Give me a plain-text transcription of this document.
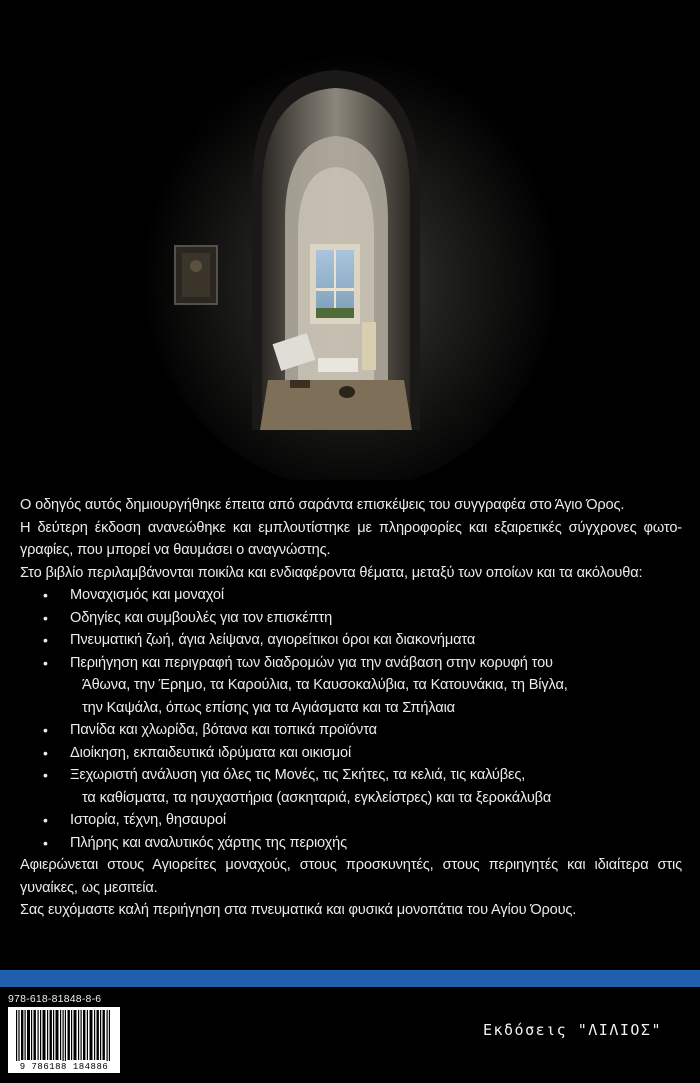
Ο οδηγός αυτός δημιουργήθηκε έπειτα από σαράντα επισκέψεις του συγγραφέα στο Άγιο Όρος.

Η δεύτερη έκδοση ανανεώθηκε και εμπλουτίστηκε με πληροφορίες και εξαιρετικές σύγχρονες φωτο-γραφίες, που μπορεί να θαυμάσει ο αναγνώστης.

Στο βιβλίο περιλαμβάνονται ποικίλα και ενδιαφέροντα θέματα, μεταξύ των οποίων και τα ακόλουθα:

• Μοναχισμός και μοναχοί
• Οδηγίες και συμβουλές για τον επισκέπτη
• Πνευματική ζωή, άγια λείψανα, αγιορείτικοι όροι και διακονήματα
• Περιήγηση και περιγραφή των διαδρομών για την ανάβαση στην κορυφή του
Άθωνα, την Έρημο, τα Καρούλια, τα Καυσοκαλύβια, τα Κατουνάκια, τη Βίγλα,
την Καψάλα, όπως επίσης για τα Αγιάσματα και τα Σπήλαια
• Πανίδα και χλωρίδα, βότανα και τοπικά προϊόντα
• Διοίκηση, εκπαιδευτικά ιδρύματα και οικισμοί
• Ξεχωριστή ανάλυση για όλες τις Μονές, τις Σκήτες, τα κελιά, τις καλύβες,
τα καθίσματα, τα ησυχαστήρια (ασκηταριά, εγκλείστρες) και τα ξεροκάλυβα
• Ιστορία, τέχνη, θησαυροί
• Πλήρης και αναλυτικός χάρτης της περιοχής

Αφιερώνεται στους Αγιορείτες μοναχούς, στους προσκυνητές, στους περιηγητές και ιδιαίτερα στις γυναίκες, ως μεσιτεία.

Σας ευχόμαστε καλή περιήγηση στα πνευματικά και φυσικά μονοπάτια του Αγίου Όρους.

978-618-81848-8-6
9 786188 184886
Εκδόσεις "ΛΙΛΙΟΣ"
